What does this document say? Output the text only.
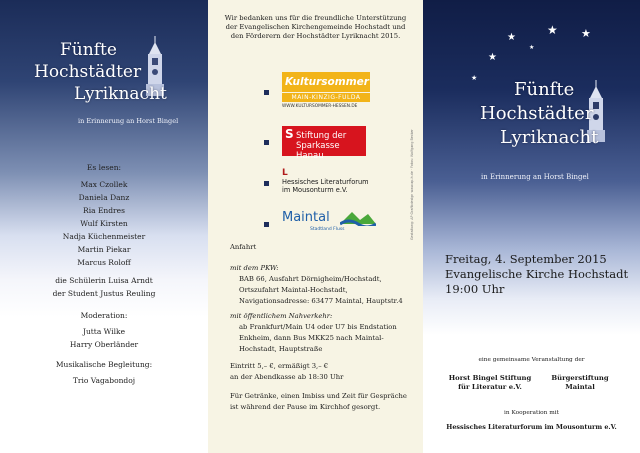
Fünfte

Hochstädter

Lyriknacht

in Erinnerung an Horst Bingel

Es lesen:
Max Czollek
Daniela Danz
Ria Endres
Wulf Kirsten
Nadja Küchenmeister
Martin Piekar
Marcus Roloff
die Schülerin Luisa Arndt
der Student Justus Reuling
Moderation:
Jutta Wilke
Harry Oberländer
Musikalische Begleitung:
Trio Vagabondoj
Wir bedanken uns für die freundliche Unterstützung
der Evangelischen Kirchengemeinde Hochstadt und
den Förderern der Hochstädter Lyriknacht 2015.
Kultursommer
MAIN-KINZIG-FULDA
WWW.KULTURSOMMER-HESSEN.DE
S Stiftung der
Sparkasse Hanau
L
Hessisches Literaturforum
im Mousonturm e.V.
Maintal
Stadtland Fluss	Gestaltung: AP Grafikdesign www.ap-h.de · Fotos: Wolfgang Becker
Anfahrt
mit dem PKW:
BAB 66, Ausfahrt Dörnigheim/Hochstadt,
Ortszufahrt Maintal-Hochstadt,
Navigationsadresse: 63477 Maintal, Hauptstr.4
mit öffentlichem Nahverkehr:
ab Frankfurt/Main U4 oder U7 bis Endstation
Enkheim, dann Bus MKK25 nach Maintal-
Hochstadt, Hauptstraße
Eintritt 5,– €, ermäßigt 3,– €
an der Abendkasse ab 18:30 Uhr
Für Getränke, einen Imbiss und Zeit für Gespräche
ist während der Pause im Kirchhof gesorgt.
★
★
★ ★
★
★

Fünfte

Hochstädter

Lyriknacht

in Erinnerung an Horst Bingel

Freitag, 4. September 2015
Evangelische Kirche Hochstadt
19:00 Uhr
eine gemeinsame Veranstaltung der
Horst Bingel Stiftung
für Literatur e.V.
Bürgerstiftung
Maintal
in Kooperation mit
Hessisches Literaturforum im Mousonturm e.V.
